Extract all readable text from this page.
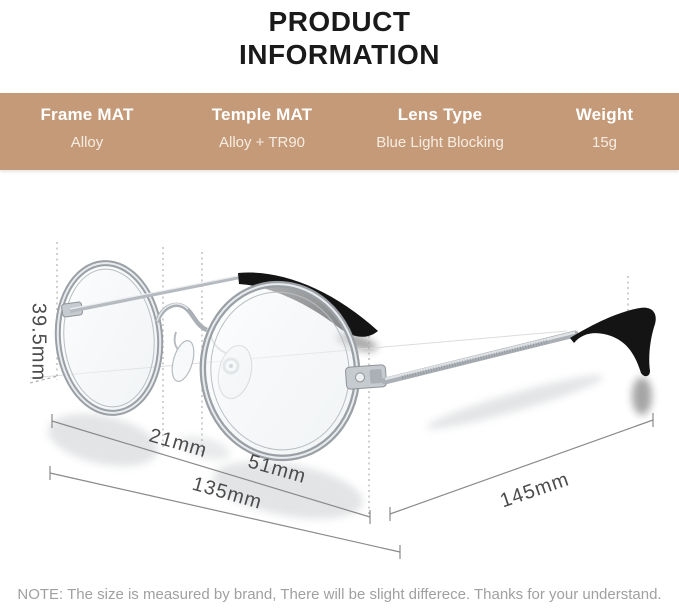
PRODUCT
INFORMATION
Frame MAT
Alloy
Temple MAT
Alloy + TR90
Lens Type
Blue Light Blocking
Weight
15g
39.5mm
21mm
51mm
135mm	145mm
NOTE: The size is measured by brand, There will be slight differece. Thanks for your understand.
